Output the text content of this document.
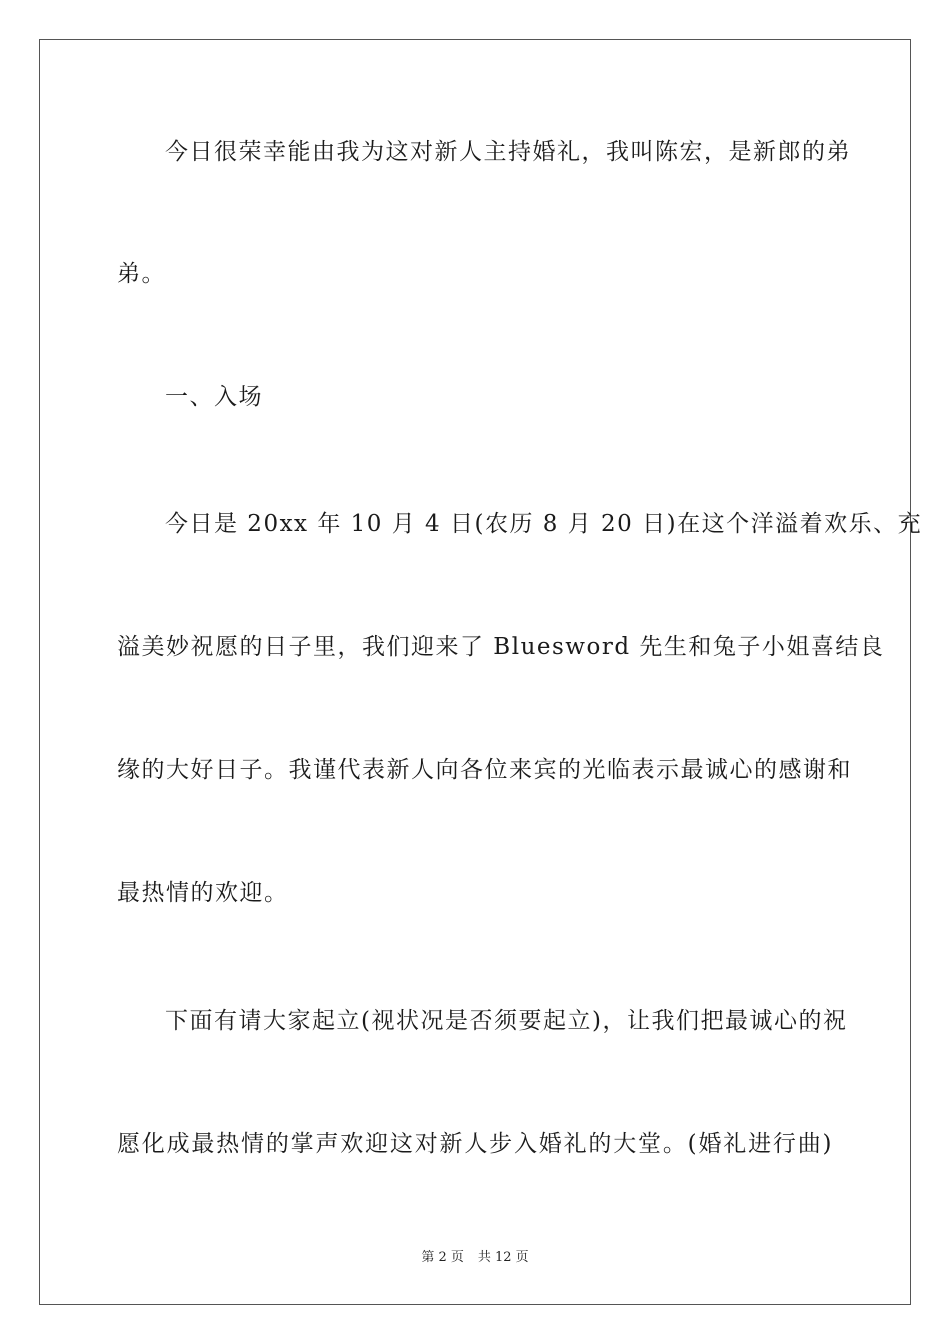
今日很荣幸能由我为这对新人主持婚礼，我叫陈宏，是新郎的弟
弟。
一、入场
今日是 20xx 年 10 月 4 日(农历 8 月 20 日)在这个洋溢着欢乐、充
溢美妙祝愿的日子里，我们迎来了 Bluesword 先生和兔子小姐喜结良
缘的大好日子。我谨代表新人向各位来宾的光临表示最诚心的感谢和
最热情的欢迎。
下面有请大家起立(视状况是否须要起立)，让我们把最诚心的祝
愿化成最热情的掌声欢迎这对新人步入婚礼的大堂。(婚礼进行曲)
第 2 页 共 12 页
